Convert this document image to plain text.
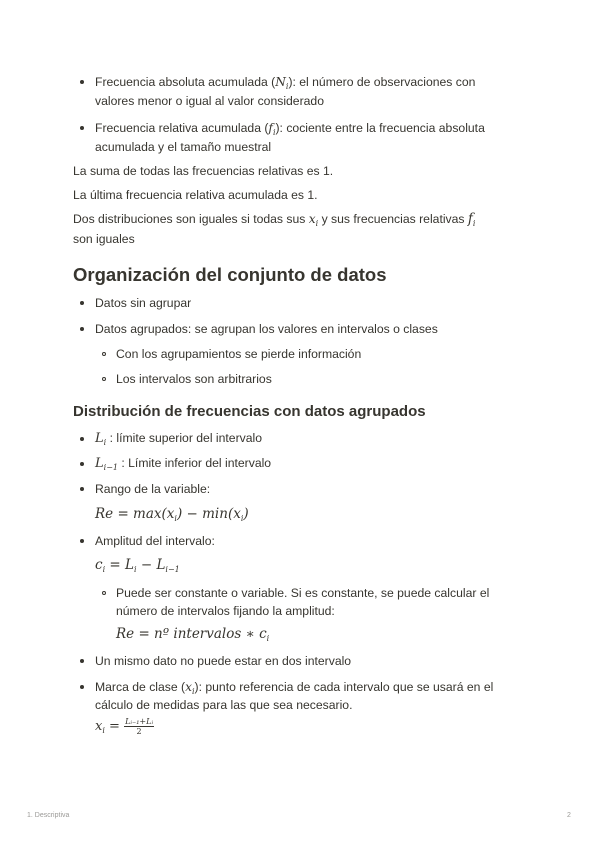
Frecuencia absoluta acumulada $(N_i)$: el número de observaciones con
valores menor o igual al valor considerado
Frecuencia relativa acumulada $(f_i)$: cociente entre la frecuencia absoluta
acumulada y el tamaño muestral
La suma de todas las frecuencias relativas es 1.
La última frecuencia relativa acumulada es 1.
Dos distribuciones son iguales si todas sus $x_i$ y sus frecuencias relativas $f_i$
son iguales
Organización del conjunto de datos
Datos sin agrupar
Datos agrupados: se agrupan los valores en intervalos o clases
Con los agrupamientos se pierde información
Los intervalos son arbitrarios
Distribución de frecuencias con datos agrupados
$L_i$ : límite superior del intervalo
$L_{i-1}$ : Límite inferior del intervalo
Rango de la variable:
$Re = \max(x_i) - \min(x_i)$
Amplitud del intervalo:
$c_i = L_i - L_{i-1}$
Puede ser constante o variable. Si es constante, se puede calcular el
número de intervalos fijando la amplitud:
Re = nº intervalos ∗ $c_i$
Un mismo dato no puede estar en dos intervalo
Marca de clase $(x_i)$: punto referencia de cada intervalo que se usará en el
cálculo de medidas para las que sea necesario.
$x_i = \frac{\text{Lᵢ₋₁+Lᵢ}}{2}$
1. Descriptiva	2
